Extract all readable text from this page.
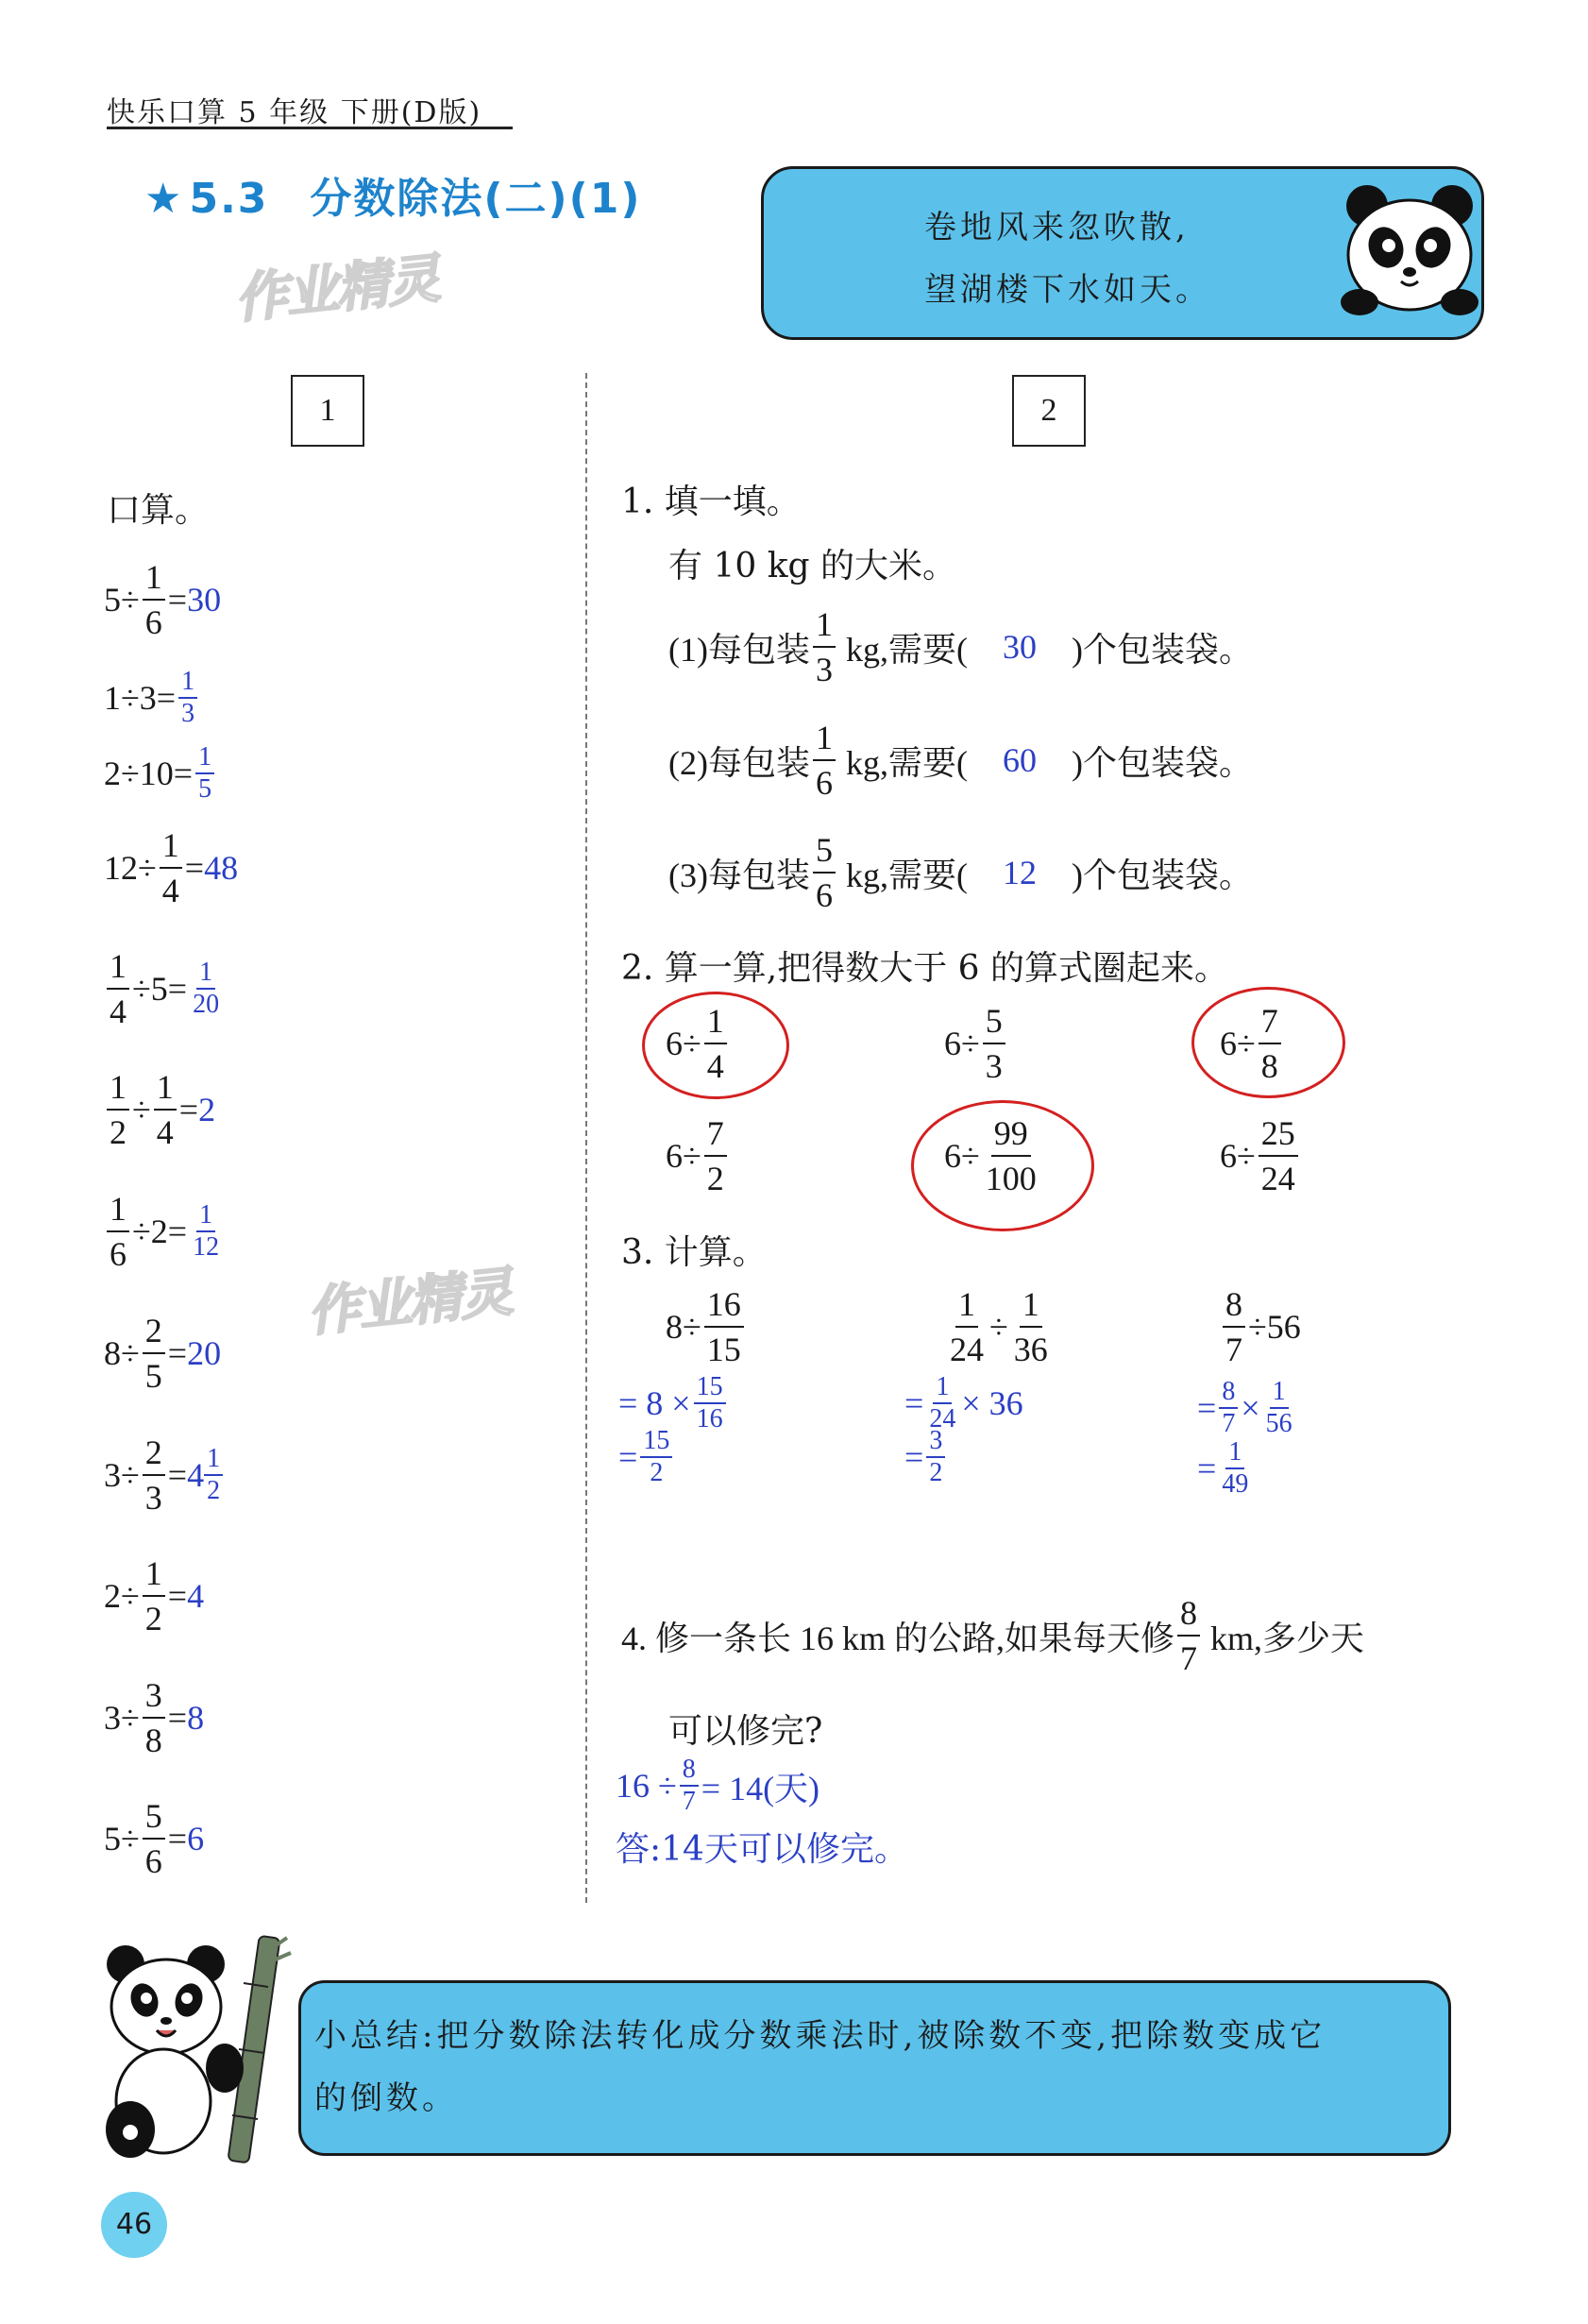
快乐口算 5 年级 下册(D版)
★ 5.3 分数除法(二)(1)
作业精灵
作业精灵
卷地风来忽吹散,
望湖楼下水如天。
1	2
口算。
$5 \div \frac{1}{6} = 30$
$1 \div 3 = \frac{1}{3}$
$2 \div 10 = \frac{1}{5}$
$12 \div \frac{1}{4} = 48$
$\frac{1}{4} \div 5 = \frac{1}{20}$
$\frac{1}{2} \div \frac{1}{4} = 2$
$\frac{1}{6} \div 2 = \frac{1}{12}$
$8 \div \frac{2}{5} = 20$
$3 \div \frac{2}{3} = 4 \frac{1}{2}$
$2 \div \frac{1}{2} = 4$
$3 \div \frac{3}{8} = 8$
$5 \div \frac{5}{6} = 6$
1. 填一填。
有 10 kg 的大米。
(1)每包装 $\frac{1}{3}$ kg,需要(	30	)个包装袋。
(2)每包装 $\frac{1}{6}$ kg,需要(	60	)个包装袋。
(3)每包装 $\frac{5}{6}$ kg,需要(	12	)个包装袋。
2. 算一算,把得数大于 6 的算式圈起来。
$6 \div \frac{1}{4}$	$6 \div \frac{5}{3}$	$6 \div \frac{7}{8}$
$6 \div \frac{7}{2}$	$6 \div \frac{99}{100}$	$6 \div \frac{25}{24}$
3. 计算。
$8 \div \frac{16}{15}$
= $8 \times \frac{15}{16}$
= $\frac{15}{2}$
$\frac{1}{24} \div \frac{1}{36}$
= $\frac{1}{24} \times 36$
= $\frac{3}{2}$
$\frac{8}{7} \div 56$
= $\frac{8}{7} \times \frac{1}{56}$
= $\frac{1}{49}$
4. 修一条长 16 km 的公路,如果每天修 $\frac{8}{7}$ km,多少天
可以修完?
$16 \div \frac{8}{7} = 14$(天)
答:14天可以修完。
小总结:把分数除法转化成分数乘法时,被除数不变,把除数变成它
的倒数。
46
